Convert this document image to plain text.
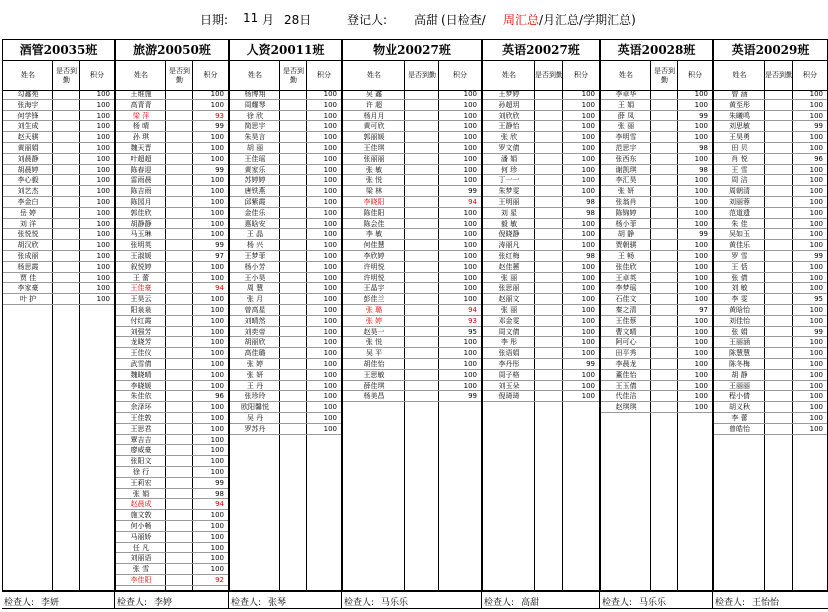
日期: 11 月 28日	登记人: 高甜 (日检查/ 周汇总 /月汇总/学期汇总)
酒管20035班
姓名
是否到勤
积分
勾鑫苑	100
张海宇	100
何学锋	100
刘生成	100
赵天骐	100
黄丽娟	100
刘晨静	100
胡晨婷	100
李心毅	100
刘艺杰	100
李金白	100
岳 婷	100
刘 洋	100
张悦悦	100
胡汉欣	100
张成丽	100
杨思霞	100
贾 佳	100
李家豪	100
叶 护	100
旅游20050班
姓名
是否到勤
积分
王维施	100
高青青	100
梁 萍	93
杨 晴	99
孙 琪	100
魏天晋	100
叶超超	100
陈春迎	99
雷雨晨	100
陈吉雨	100
陈园月	100
郭佳欣	100
胡静静	100
马玉琳	100
张明英	99
王淑媛	97
叙悦婷	100
王 蕾	100
王佳豪	94
王昊云	100
阳泉泉	100
付红霞	100
刘强芳	100
龙晓芳	100
王佳仪	100
武雪倩	100
魏晓晴	100
李晓媛	100
朱佳依	96
余泽环	100
王佳敦	100
王思君	100
覃吉吉	100
廖威豪	100
张阳文	100
徐 行	100
王莉宏	99
张 娟	98
赵晨成	94
施文敦	100
何小畅	100
马丽娇	100
任 凡	100
刘丽语	100
张 雪	100
李佳阳	92
人资20011班
姓名
是否到勤
积分
杨博翔	100
周耀琴	100
徐 欣	100
简思宇	100
朱昊言	100
胡 丽	100
王佳瑶	100
黄家乐	100
苏婷婷	100
唐铁燕	100
邱紫霞	100
金佳乐	100
惠晗安	100
王 晶	100
杨 兴	100
王梦菲	100
杨小芳	100
王小昊	100
周 慧	100
张 月	100
曾高星	100
刘晴然	100
刘奕帝	100
胡丽欣	100
高佳璐	100
张 婷	100
张 妍	100
王 丹	100
张珍玲	100
欧阳馨悦	100
吴 丹	100
罗苏丹	100
物业20027班
姓名	是否到勤	积分
吴 鑫	100
许 超	100
杨月月	100
黄可欣	100
郭丽媛	100
王佳琪	100
张丽丽	100
张 敏	100
张 悦	100
梁 林	99
李晓阳	94
陈佳阳	100
陈会佳	100
李 敏	100
何佳慧	100
李欣婷	100
许明悦	100
许明悦	100
王晶宇	100
彭佳兰	100
张 璐	94
张 婷	93
赵昊一	95
张 悦	100
吴 平	100
胡佳怡	100
王思敏	100
薛佳琪	100
杨美昌	99
英语20027班
姓名	是否到勤	积分
王梦婷	100
孙超玥	100
刘欣欣	100
王静怡	100
张 欣	100
罗文倩	100
潘 娟	100
何 珍	100
丁一一	100
朱梦雯	100
王明丽	98
刘 星	98
毅 敏	100
倪晓静	100
涛丽凡	100
张红梅	98
赵佳蕙	100
张 丽	100
张思丽	100
赵丽文	100
张 丽	100
邓金雯	100
周文倩	100
李 彤	100
张语娟	100
李丹彤	99
周子格	100
刘玉朵	100
倪琦琦	100
英语20028班
姓名
是否到勤
积分
李卓华	100
王 娟	100
薛 凤	99
张 丽	100
李明雪	100
范思宇	98
张西东	100
谢凯琪	98
李汇昊	100
张 妍	100
张翁肖	100
陈锦婷	100
杨小菲	100
胡 静	99
贾朝骐	100
王 畅	100
张佳欣	100
王卓英	100
李梦瑶	100
石佳文	100
秦之清	97
王佳蔡	100
曹文晴	100
阿可心	100
田平秀	100
李晨龙	100
董佳怡	100
王玉倩	100
代佳洁	100
赵琪琪	100
英语20029班
姓名	是否到勤	积分
曾 涵	100
黄至彤	100
朱曦鸣	100
刘思敏	99
王昊勇	100
田 贝	100
肖 悦	96
王 雪	100
周 洁	100
周朝清	100
刘丽蓉	100
范道遗	100
朱 佳	100
吴如玉	100
黄佳乐	100
罗 雪	99
王 恬	100
张 倩	100
刘 敏	100
李 雯	95
黄晗怡	100
刘佳怡	100
张 娟	99
王丽涵	100
陈慧慧	100
陈冬梅	100
胡 静	100
王丽丽	100
程小倩	100
胡义秋	100
李 蕾	100
曾皓怡	100
检查人: 李妍	检查人: 李婷	检查人: 张琴	检查人: 马乐乐	检查人: 高甜	检查人: 马乐乐	检查人: 王怡怡
